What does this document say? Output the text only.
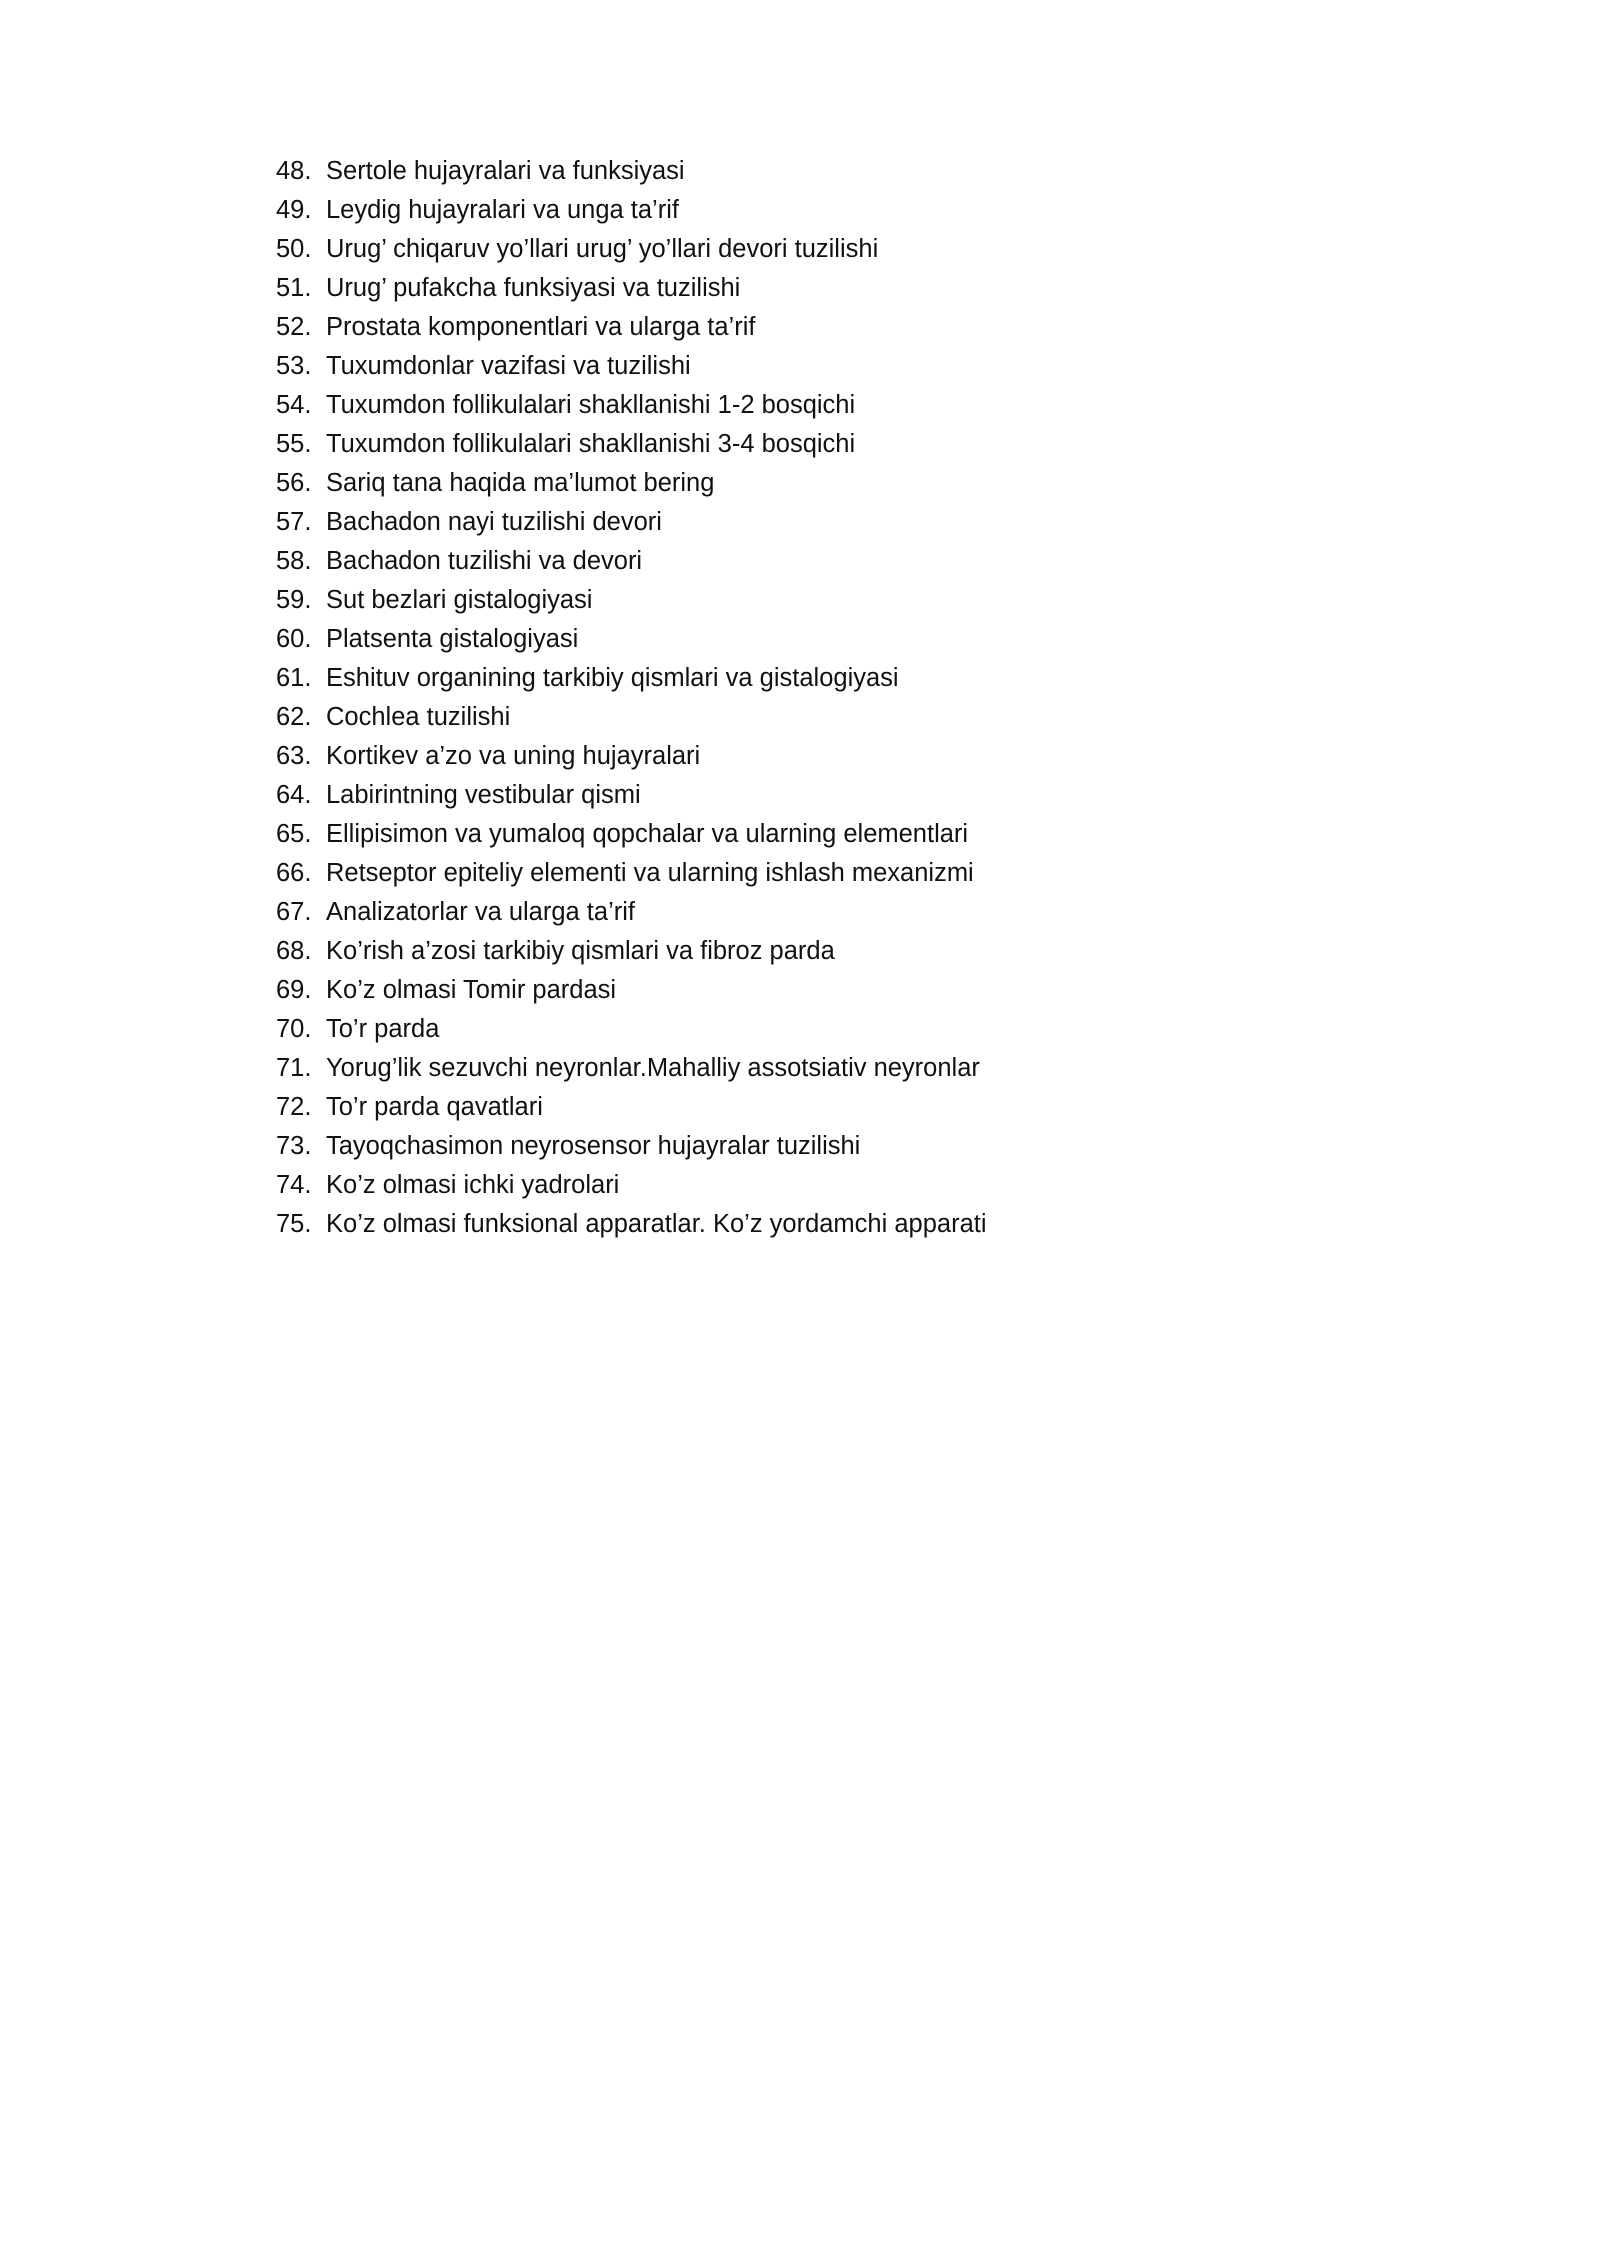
48. Sertole hujayralari va funksiyasi
49. Leydig hujayralari va unga ta’rif
50. Urug’ chiqaruv yo’llari urug’ yo’llari devori tuzilishi
51. Urug’ pufakcha funksiyasi va tuzilishi
52. Prostata komponentlari va ularga ta’rif
53. Tuxumdonlar vazifasi va tuzilishi
54. Tuxumdon follikulalari shakllanishi 1-2 bosqichi
55. Tuxumdon follikulalari shakllanishi 3-4 bosqichi
56. Sariq tana haqida ma’lumot bering
57. Bachadon nayi tuzilishi devori
58. Bachadon tuzilishi va devori
59. Sut bezlari gistalogiyasi
60. Platsenta gistalogiyasi
61. Eshituv organining tarkibiy qismlari va gistalogiyasi
62. Cochlea tuzilishi
63. Kortikev a’zo va uning hujayralari
64. Labirintning vestibular qismi
65. Ellipisimon va yumaloq qopchalar va ularning elementlari
66. Retseptor epiteliy elementi va ularning ishlash mexanizmi
67. Analizatorlar va ularga ta’rif
68. Ko’rish a’zosi tarkibiy qismlari va fibroz parda
69. Ko’z olmasi Tomir pardasi
70. To’r parda
71. Yorug’lik sezuvchi neyronlar.Mahalliy assotsiativ neyronlar
72. To’r parda qavatlari
73. Tayoqchasimon neyrosensor hujayralar tuzilishi
74. Ko’z olmasi ichki yadrolari
75. Ko’z olmasi funksional apparatlar. Ko’z yordamchi apparati
